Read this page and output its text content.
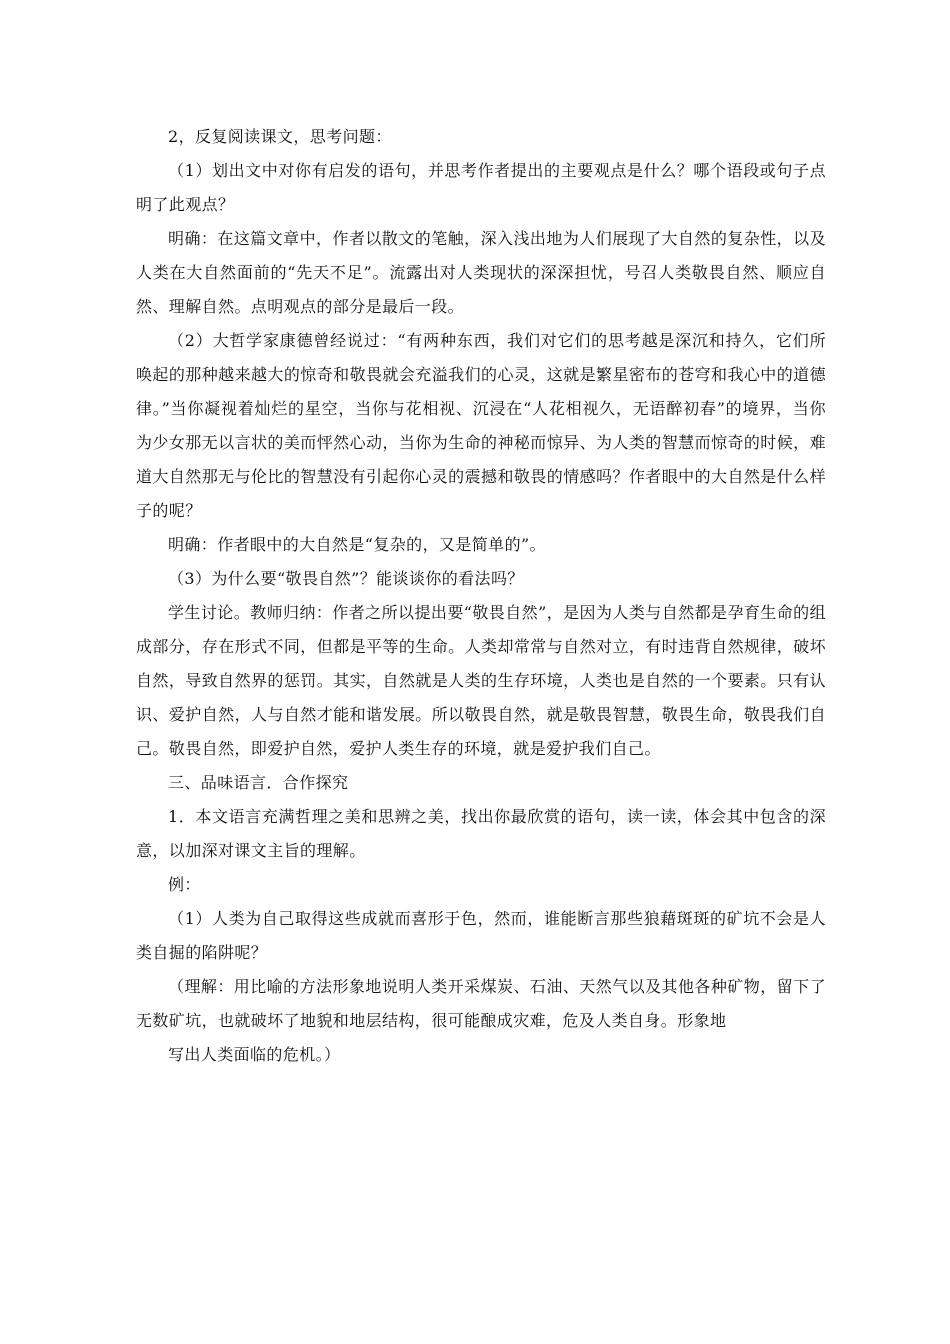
2，反复阅读课文，思考问题：

（1）划出文中对你有启发的语句，并思考作者提出的主要观点是什么？哪个语段或句子点明了此观点？

明确：在这篇文章中，作者以散文的笔触，深入浅出地为人们展现了大自然的复杂性，以及人类在大自然面前的“先天不足”。流露出对人类现状的深深担忧，号召人类敬畏自然、顺应自然、理解自然。点明观点的部分是最后一段。

（2）大哲学家康德曾经说过：“有两种东西，我们对它们的思考越是深沉和持久，它们所唤起的那种越来越大的惊奇和敬畏就会充溢我们的心灵，这就是繁星密布的苍穹和我心中的道德律。”当你凝视着灿烂的星空，当你与花相视、沉浸在“人花相视久，无语醉初春”的境界，当你为少女那无以言状的美而怦然心动，当你为生命的神秘而惊异、为人类的智慧而惊奇的时候，难道大自然那无与伦比的智慧没有引起你心灵的震撼和敬畏的情感吗？作者眼中的大自然是什么样子的呢？

明确：作者眼中的大自然是“复杂的，又是简单的”。

（3）为什么要“敬畏自然”？能谈谈你的看法吗？

学生讨论。教师归纳：作者之所以提出要“敬畏自然”，是因为人类与自然都是孕育生命的组成部分，存在形式不同，但都是平等的生命。人类却常常与自然对立，有时违背自然规律，破坏自然，导致自然界的惩罚。其实，自然就是人类的生存环境，人类也是自然的一个要素。只有认识、爱护自然，人与自然才能和谐发展。所以敬畏自然，就是敬畏智慧，敬畏生命，敬畏我们自己。敬畏自然，即爱护自然，爱护人类生存的环境，就是爱护我们自己。

三、品味语言．合作探究

1．本文语言充满哲理之美和思辨之美，找出你最欣赏的语句，读一读，体会其中包含的深意，以加深对课文主旨的理解。

例：

（1）人类为自己取得这些成就而喜形于色，然而，谁能断言那些狼藉斑斑的矿坑不会是人类自掘的陷阱呢？

（理解：用比喻的方法形象地说明人类开采煤炭、石油、天然气以及其他各种矿物，留下了无数矿坑，也就破坏了地貌和地层结构，很可能酿成灾难，危及人类自身。形象地

写出人类面临的危机。）
